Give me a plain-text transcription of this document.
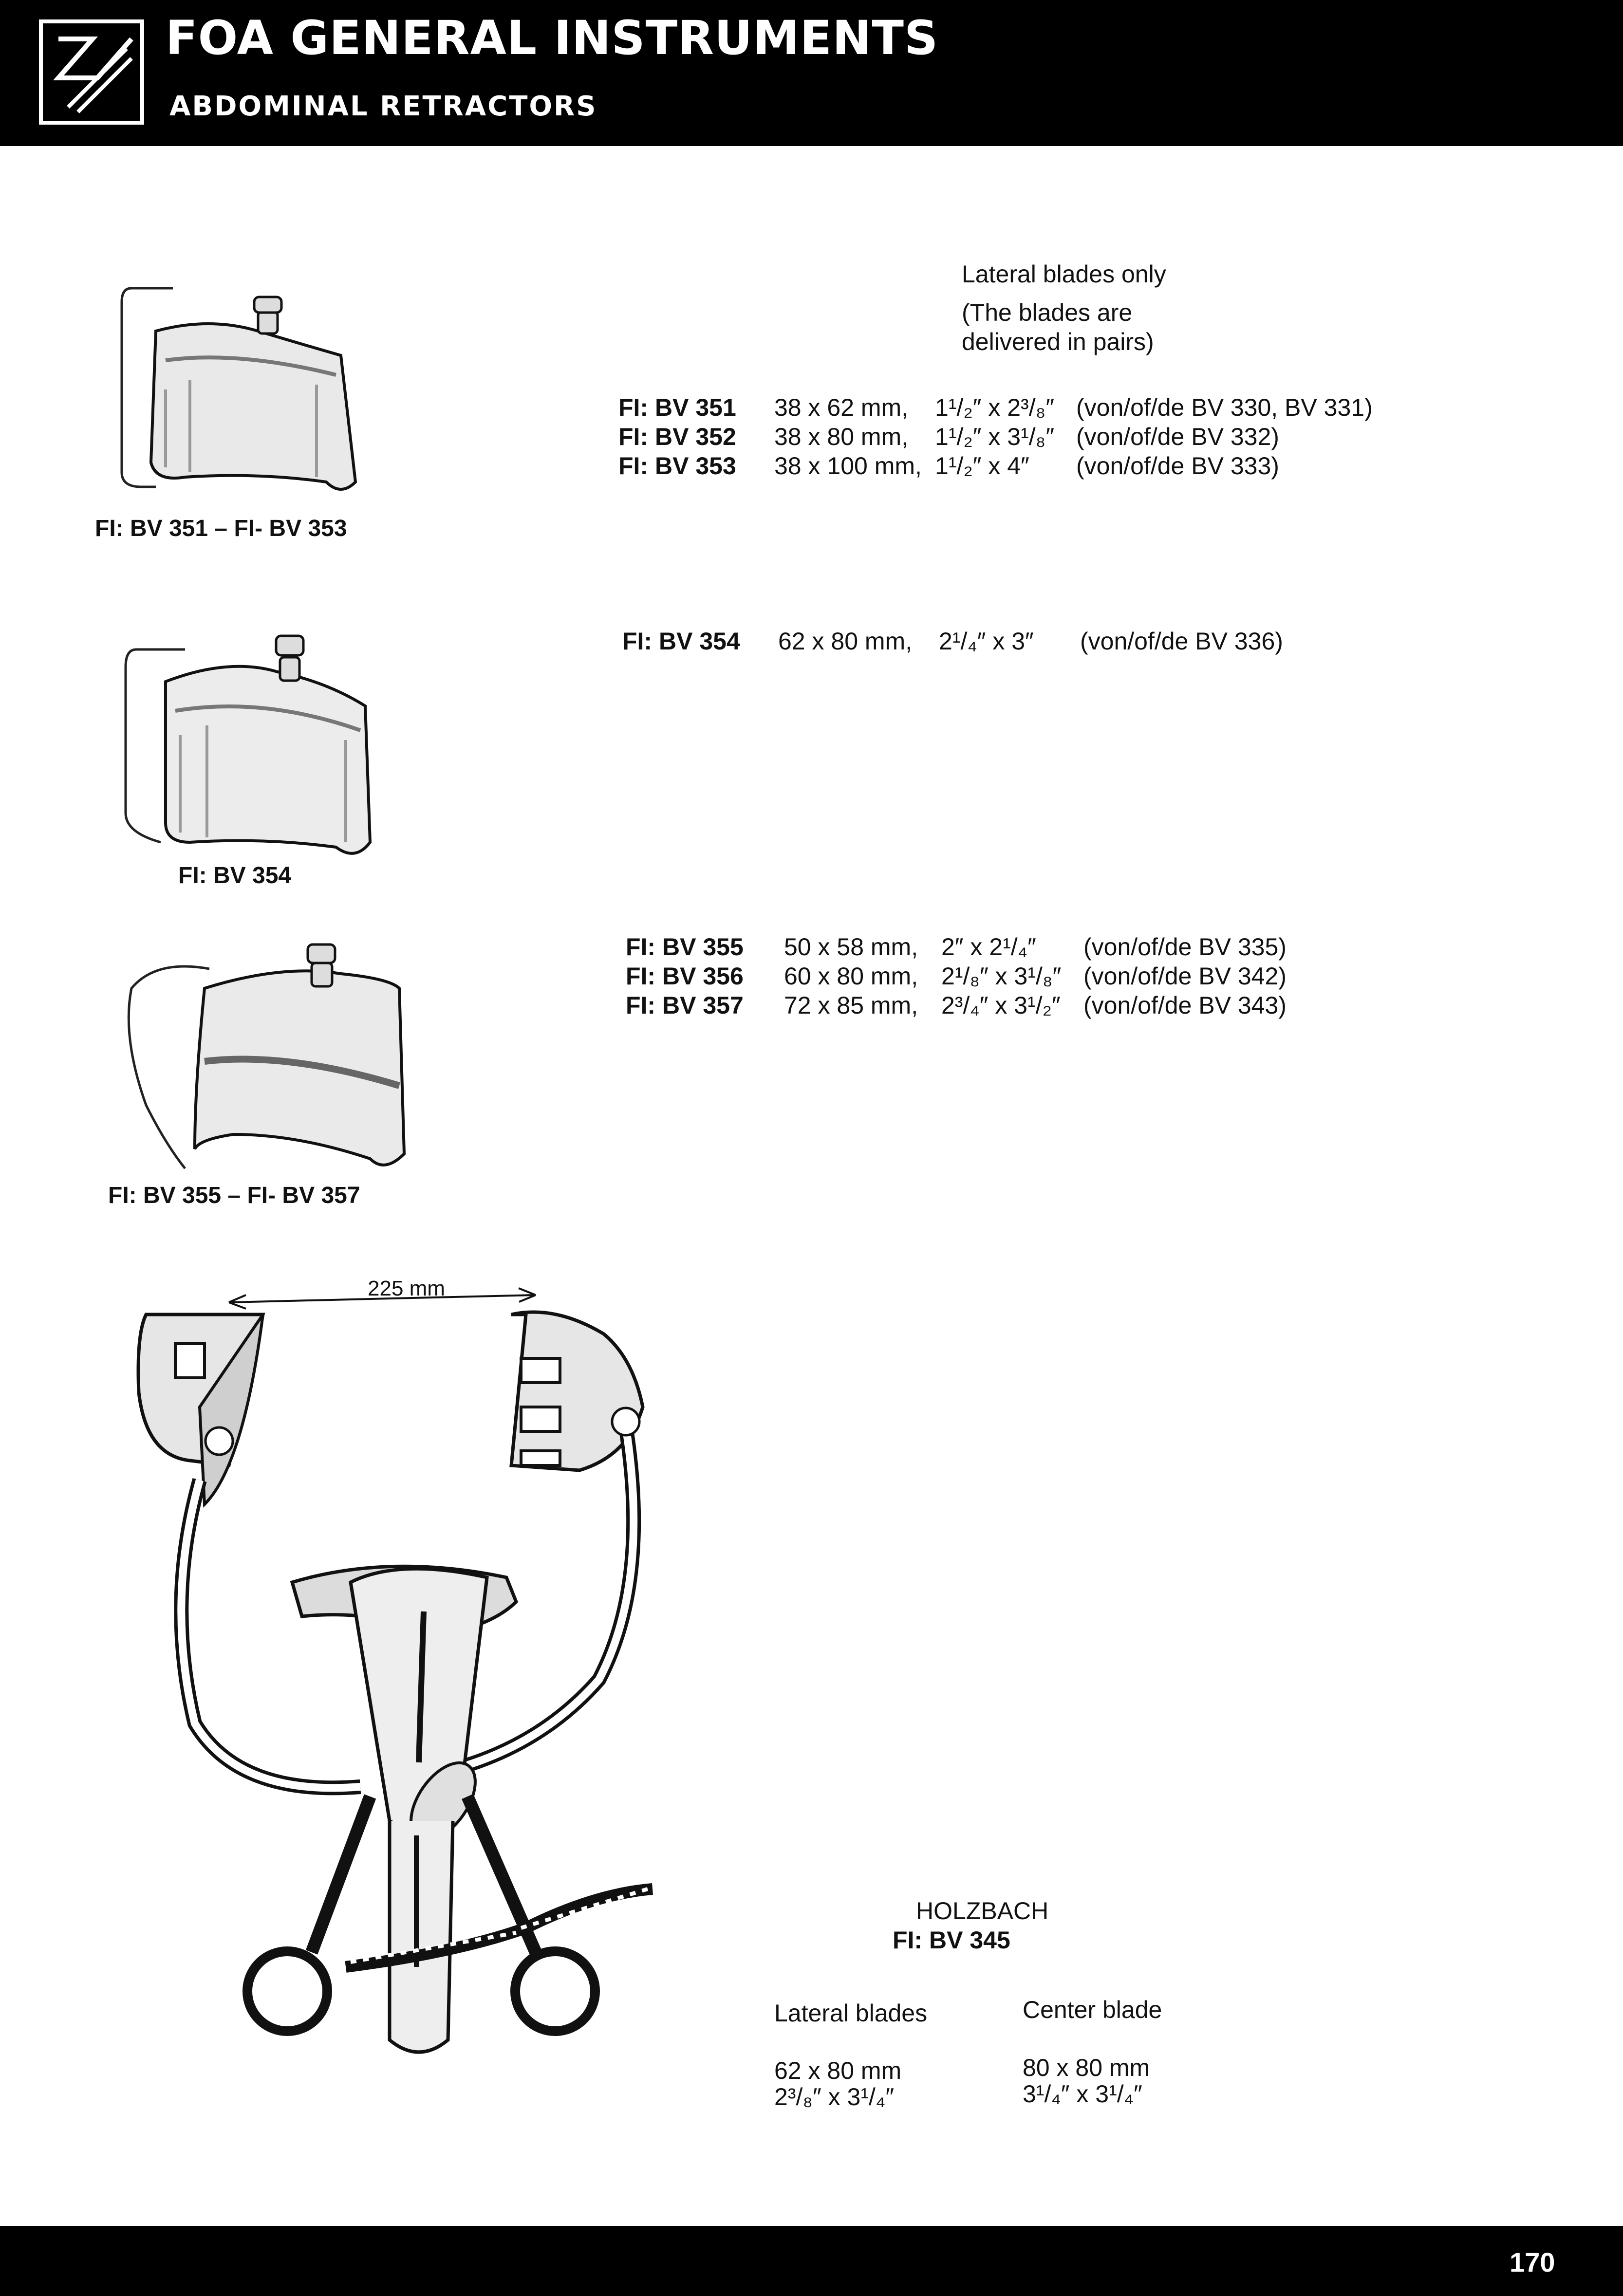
FOA GENERAL INSTRUMENTS
ABDOMINAL RETRACTORS
Lateral blades only
(The blades are
delivered in pairs)
FI: BV 351 38 x 62 mm, 1¹/₂″ x 2³/₈″ (von/of/de BV 330, BV 331)
FI: BV 352 38 x 80 mm, 1¹/₂″ x 3¹/₈″ (von/of/de BV 332)
FI: BV 353 38 x 100 mm, 1¹/₂″ x 4″ (von/of/de BV 333)
FI: BV 354 62 x 80 mm, 2¹/₄″ x 3″ (von/of/de BV 336)
FI: BV 355 50 x 58 mm, 2″ x 2¹/₄″ (von/of/de BV 335)
FI: BV 356 60 x 80 mm, 2¹/₈″ x 3¹/₈″ (von/of/de BV 342)
FI: BV 357 72 x 85 mm, 2³/₄″ x 3¹/₂″ (von/of/de BV 343)
FI: BV 351 – FI- BV 353
FI: BV 354
FI: BV 355 – FI- BV 357
225 mm
HOLZBACH
FI: BV 345
Lateral blades	Center blade
62 x 80 mm
2³/₈″ x 3¹/₄″
80 x 80 mm
3¹/₄″ x 3¹/₄″
170
